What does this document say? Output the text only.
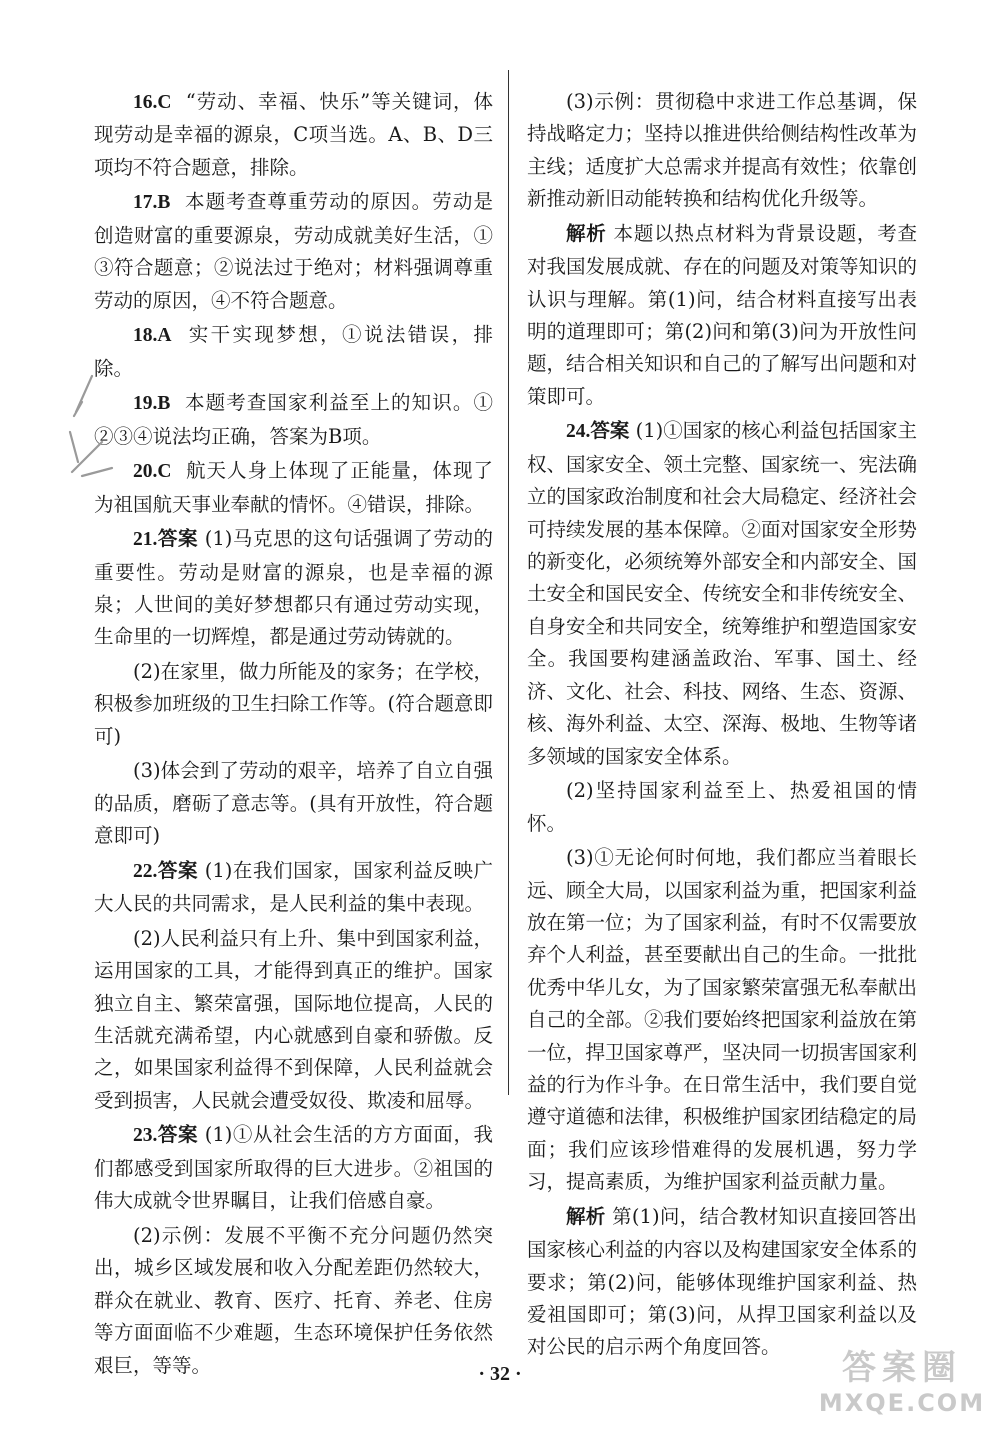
16.C “劳动、幸福、快乐”等关键词，体现劳动是幸福的源泉，C项当选。A、B、D三项均不符合题意，排除。

17.B 本题考查尊重劳动的原因。劳动是创造财富的重要源泉，劳动成就美好生活，①③符合题意；②说法过于绝对；材料强调尊重劳动的原因，④不符合题意。

18.A 实干实现梦想，①说法错误，排除。

19.B 本题考查国家利益至上的知识。①②③④说法均正确，答案为B项。

20.C 航天人身上体现了正能量，体现了为祖国航天事业奉献的情怀。④错误，排除。

21.答案 (1)马克思的这句话强调了劳动的重要性。劳动是财富的源泉，也是幸福的源泉；人世间的美好梦想都只有通过劳动实现，生命里的一切辉煌，都是通过劳动铸就的。

(2)在家里，做力所能及的家务；在学校，积极参加班级的卫生扫除工作等。(符合题意即可)

(3)体会到了劳动的艰辛，培养了自立自强的品质，磨砺了意志等。(具有开放性，符合题意即可)

22.答案 (1)在我们国家，国家利益反映广大人民的共同需求，是人民利益的集中表现。

(2)人民利益只有上升、集中到国家利益，运用国家的工具，才能得到真正的维护。国家独立自主、繁荣富强，国际地位提高，人民的生活就充满希望，内心就感到自豪和骄傲。反之，如果国家利益得不到保障，人民利益就会受到损害，人民就会遭受奴役、欺凌和屈辱。

23.答案 (1)①从社会生活的方方面面，我们都感受到国家所取得的巨大进步。②祖国的伟大成就令世界瞩目，让我们倍感自豪。

(2)示例：发展不平衡不充分问题仍然突出，城乡区域发展和收入分配差距仍然较大，群众在就业、教育、医疗、托育、养老、住房等方面面临不少难题，生态环境保护任务依然艰巨，等等。

(3)示例：贯彻稳中求进工作总基调，保持战略定力；坚持以推进供给侧结构性改革为主线；适度扩大总需求并提高有效性；依靠创新推动新旧动能转换和结构优化升级等。

解析 本题以热点材料为背景设题，考查对我国发展成就、存在的问题及对策等知识的认识与理解。第(1)问，结合材料直接写出表明的道理即可；第(2)问和第(3)问为开放性问题，结合相关知识和自己的了解写出问题和对策即可。

24.答案 (1)①国家的核心利益包括国家主权、国家安全、领土完整、国家统一、宪法确立的国家政治制度和社会大局稳定、经济社会可持续发展的基本保障。②面对国家安全形势的新变化，必须统筹外部安全和内部安全、国土安全和国民安全、传统安全和非传统安全、自身安全和共同安全，统筹维护和塑造国家安全。我国要构建涵盖政治、军事、国土、经济、文化、社会、科技、网络、生态、资源、核、海外利益、太空、深海、极地、生物等诸多领域的国家安全体系。

(2)坚持国家利益至上、热爱祖国的情怀。

(3)①无论何时何地，我们都应当着眼长远、顾全大局，以国家利益为重，把国家利益放在第一位；为了国家利益，有时不仅需要放弃个人利益，甚至要献出自己的生命。一批批优秀中华儿女，为了国家繁荣富强无私奉献出自己的全部。②我们要始终把国家利益放在第一位，捍卫国家尊严，坚决同一切损害国家利益的行为作斗争。在日常生活中，我们要自觉遵守道德和法律，积极维护国家团结稳定的局面；我们应该珍惜难得的发展机遇，努力学习，提高素质，为维护国家利益贡献力量。

解析 第(1)问，结合教材知识直接回答出国家核心利益的内容以及构建国家安全体系的要求；第(2)问，能够体现维护国家利益、热爱祖国即可；第(3)问，从捍卫国家利益以及对公民的启示两个角度回答。

· 32 ·	答案圈
MXQE.COM
